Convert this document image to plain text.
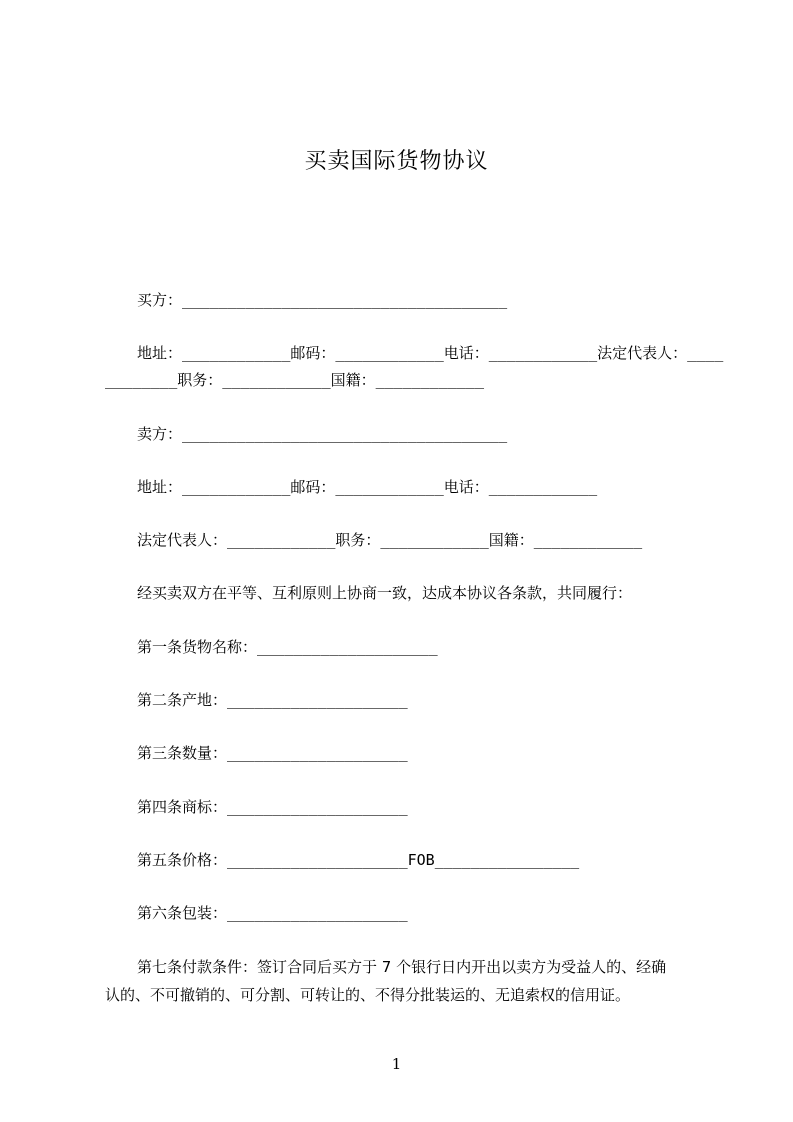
买卖国际货物协议
买方：____________________________________
地址：____________邮码：____________电话：____________法定代表人：____
________职务：____________国籍：____________
卖方：____________________________________
地址：____________邮码：____________电话：____________
法定代表人：____________职务：____________国籍：____________
经买卖双方在平等、互利原则上协商一致，达成本协议各条款，共同履行：
第一条货物名称：____________________
第二条产地：____________________
第三条数量：____________________
第四条商标：____________________
第五条价格：____________________FOB________________
第六条包装：____________________
第七条付款条件：签订合同后买方于 7 个银行日内开出以卖方为受益人的、经确
认的、不可撤销的、可分割、可转让的、不得分批装运的、无追索权的信用证。
1
